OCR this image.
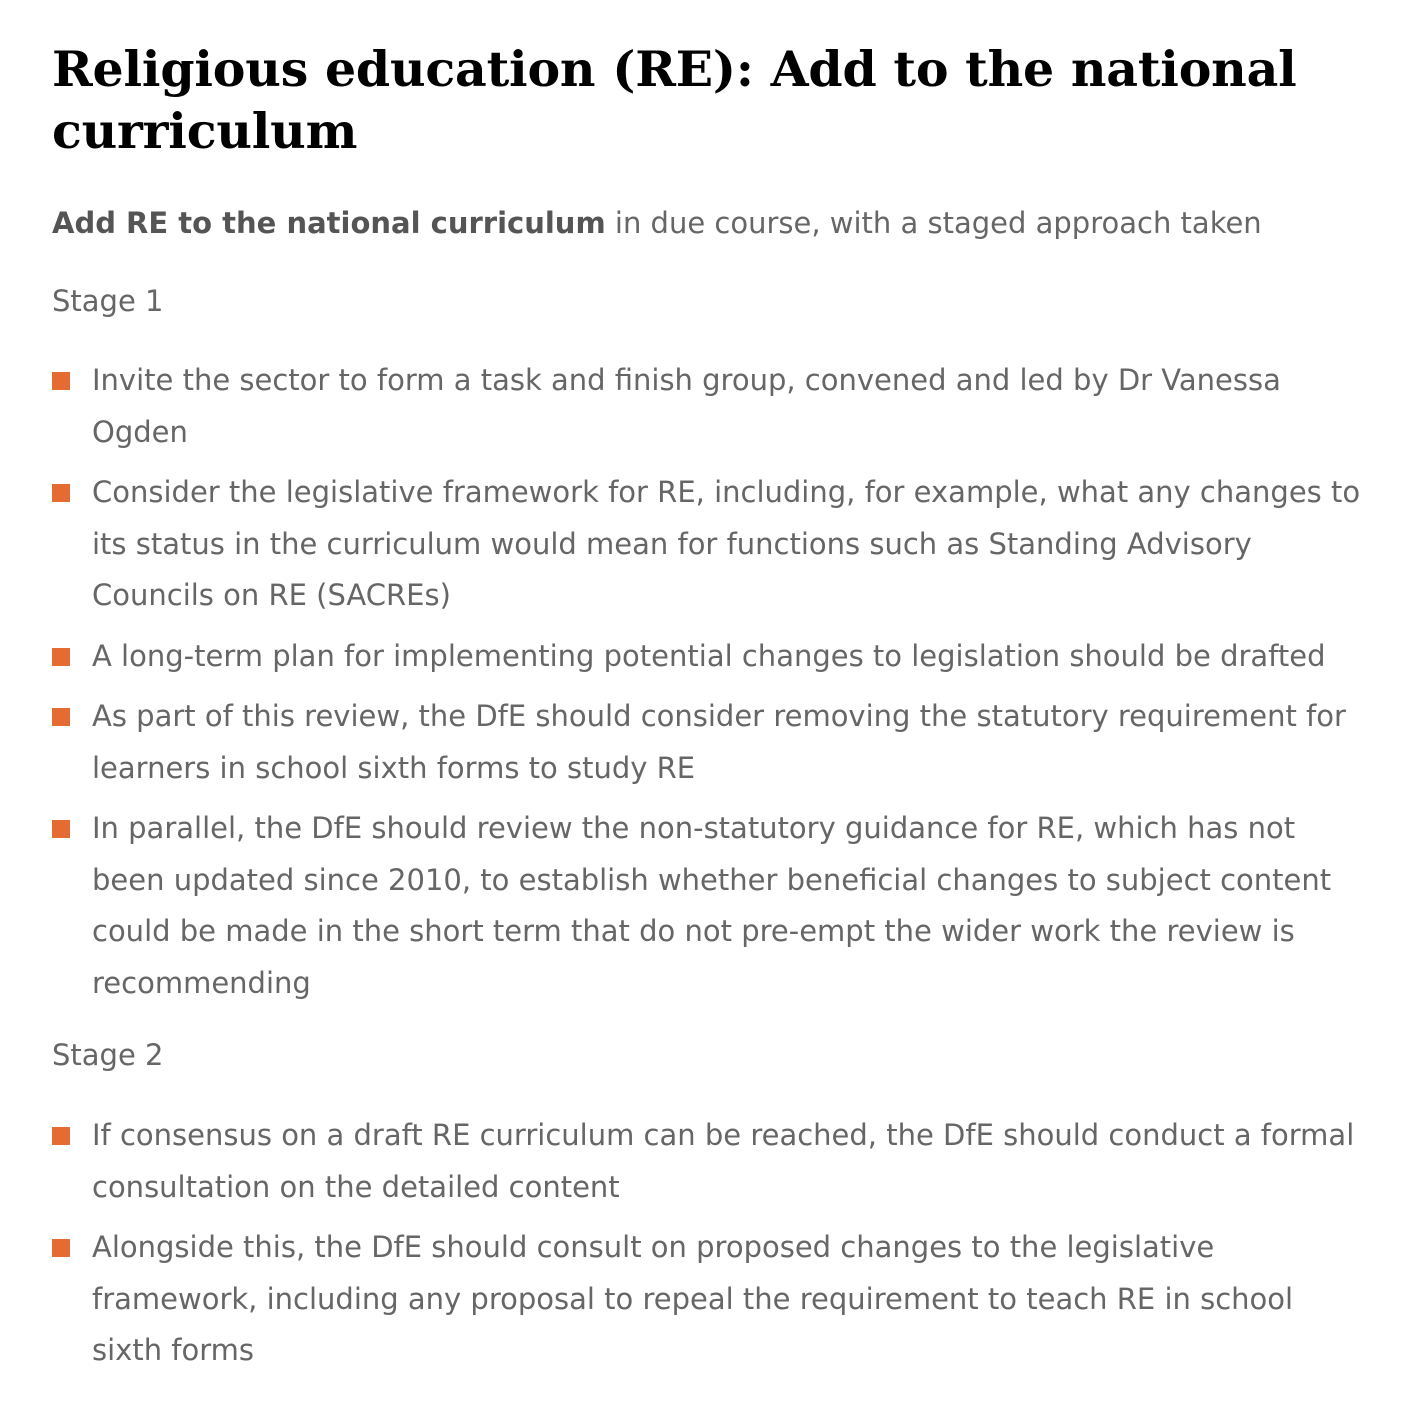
Religious education (RE): Add to the national curriculum

Add RE to the national curriculum in due course, with a staged approach taken

Stage 1
Invite the sector to form a task and finish group, convened and led by Dr Vanessa Ogden
Consider the legislative framework for RE, including, for example, what any changes to its status in the curriculum would mean for functions such as Standing Advisory Councils on RE (SACREs)
A long-term plan for implementing potential changes to legislation should be drafted
As part of this review, the DfE should consider removing the statutory requirement for learners in school sixth forms to study RE
In parallel, the DfE should review the non-statutory guidance for RE, which has not been updated since 2010, to establish whether beneficial changes to subject content could be made in the short term that do not pre-empt the wider work the review is recommending
Stage 2
If consensus on a draft RE curriculum can be reached, the DfE should conduct a formal consultation on the detailed content
Alongside this, the DfE should consult on proposed changes to the legislative framework, including any proposal to repeal the requirement to teach RE in school sixth forms
